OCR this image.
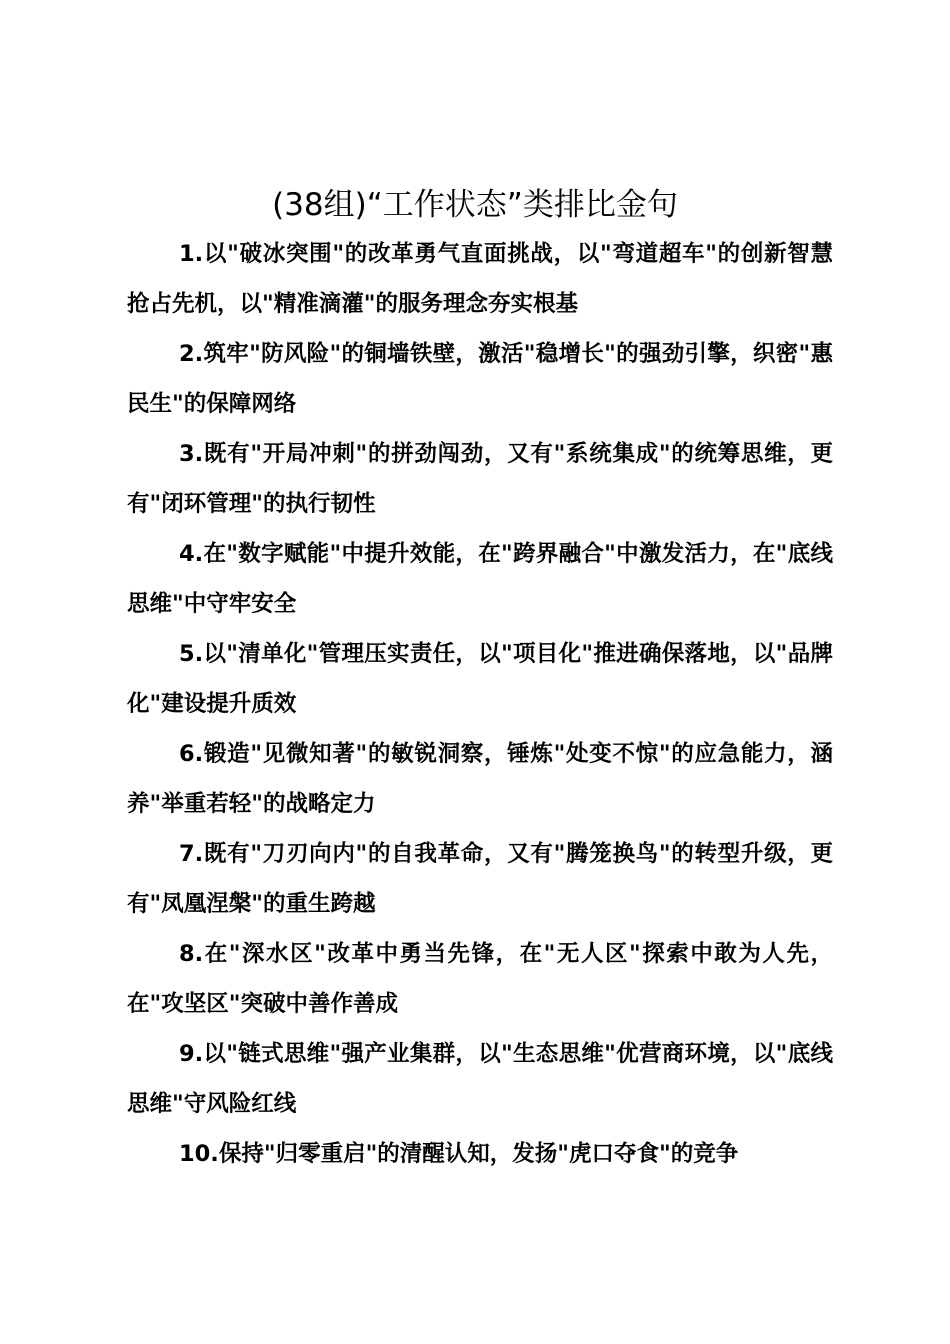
(38组)“工作状态”类排比金句

1.以"破冰突围"的改革勇气直面挑战，以"弯道超车"的创新智慧抢占先机，以"精准滴灌"的服务理念夯实根基

2.筑牢"防风险"的铜墙铁壁，激活"稳增长"的强劲引擎，织密"惠民生"的保障网络

3.既有"开局冲刺"的拼劲闯劲，又有"系统集成"的统筹思维，更有"闭环管理"的执行韧性

4.在"数字赋能"中提升效能，在"跨界融合"中激发活力，在"底线思维"中守牢安全

5.以"清单化"管理压实责任，以"项目化"推进确保落地，以"品牌化"建设提升质效

6.锻造"见微知著"的敏锐洞察，锤炼"处变不惊"的应急能力，涵养"举重若轻"的战略定力

7.既有"刀刃向内"的自我革命，又有"腾笼换鸟"的转型升级，更有"凤凰涅槃"的重生跨越

8.在"深水区"改革中勇当先锋，在"无人区"探索中敢为人先，在"攻坚区"突破中善作善成

9.以"链式思维"强产业集群，以"生态思维"优营商环境，以"底线思维"守风险红线

10.保持"归零重启"的清醒认知，发扬"虎口夺食"的竞争
